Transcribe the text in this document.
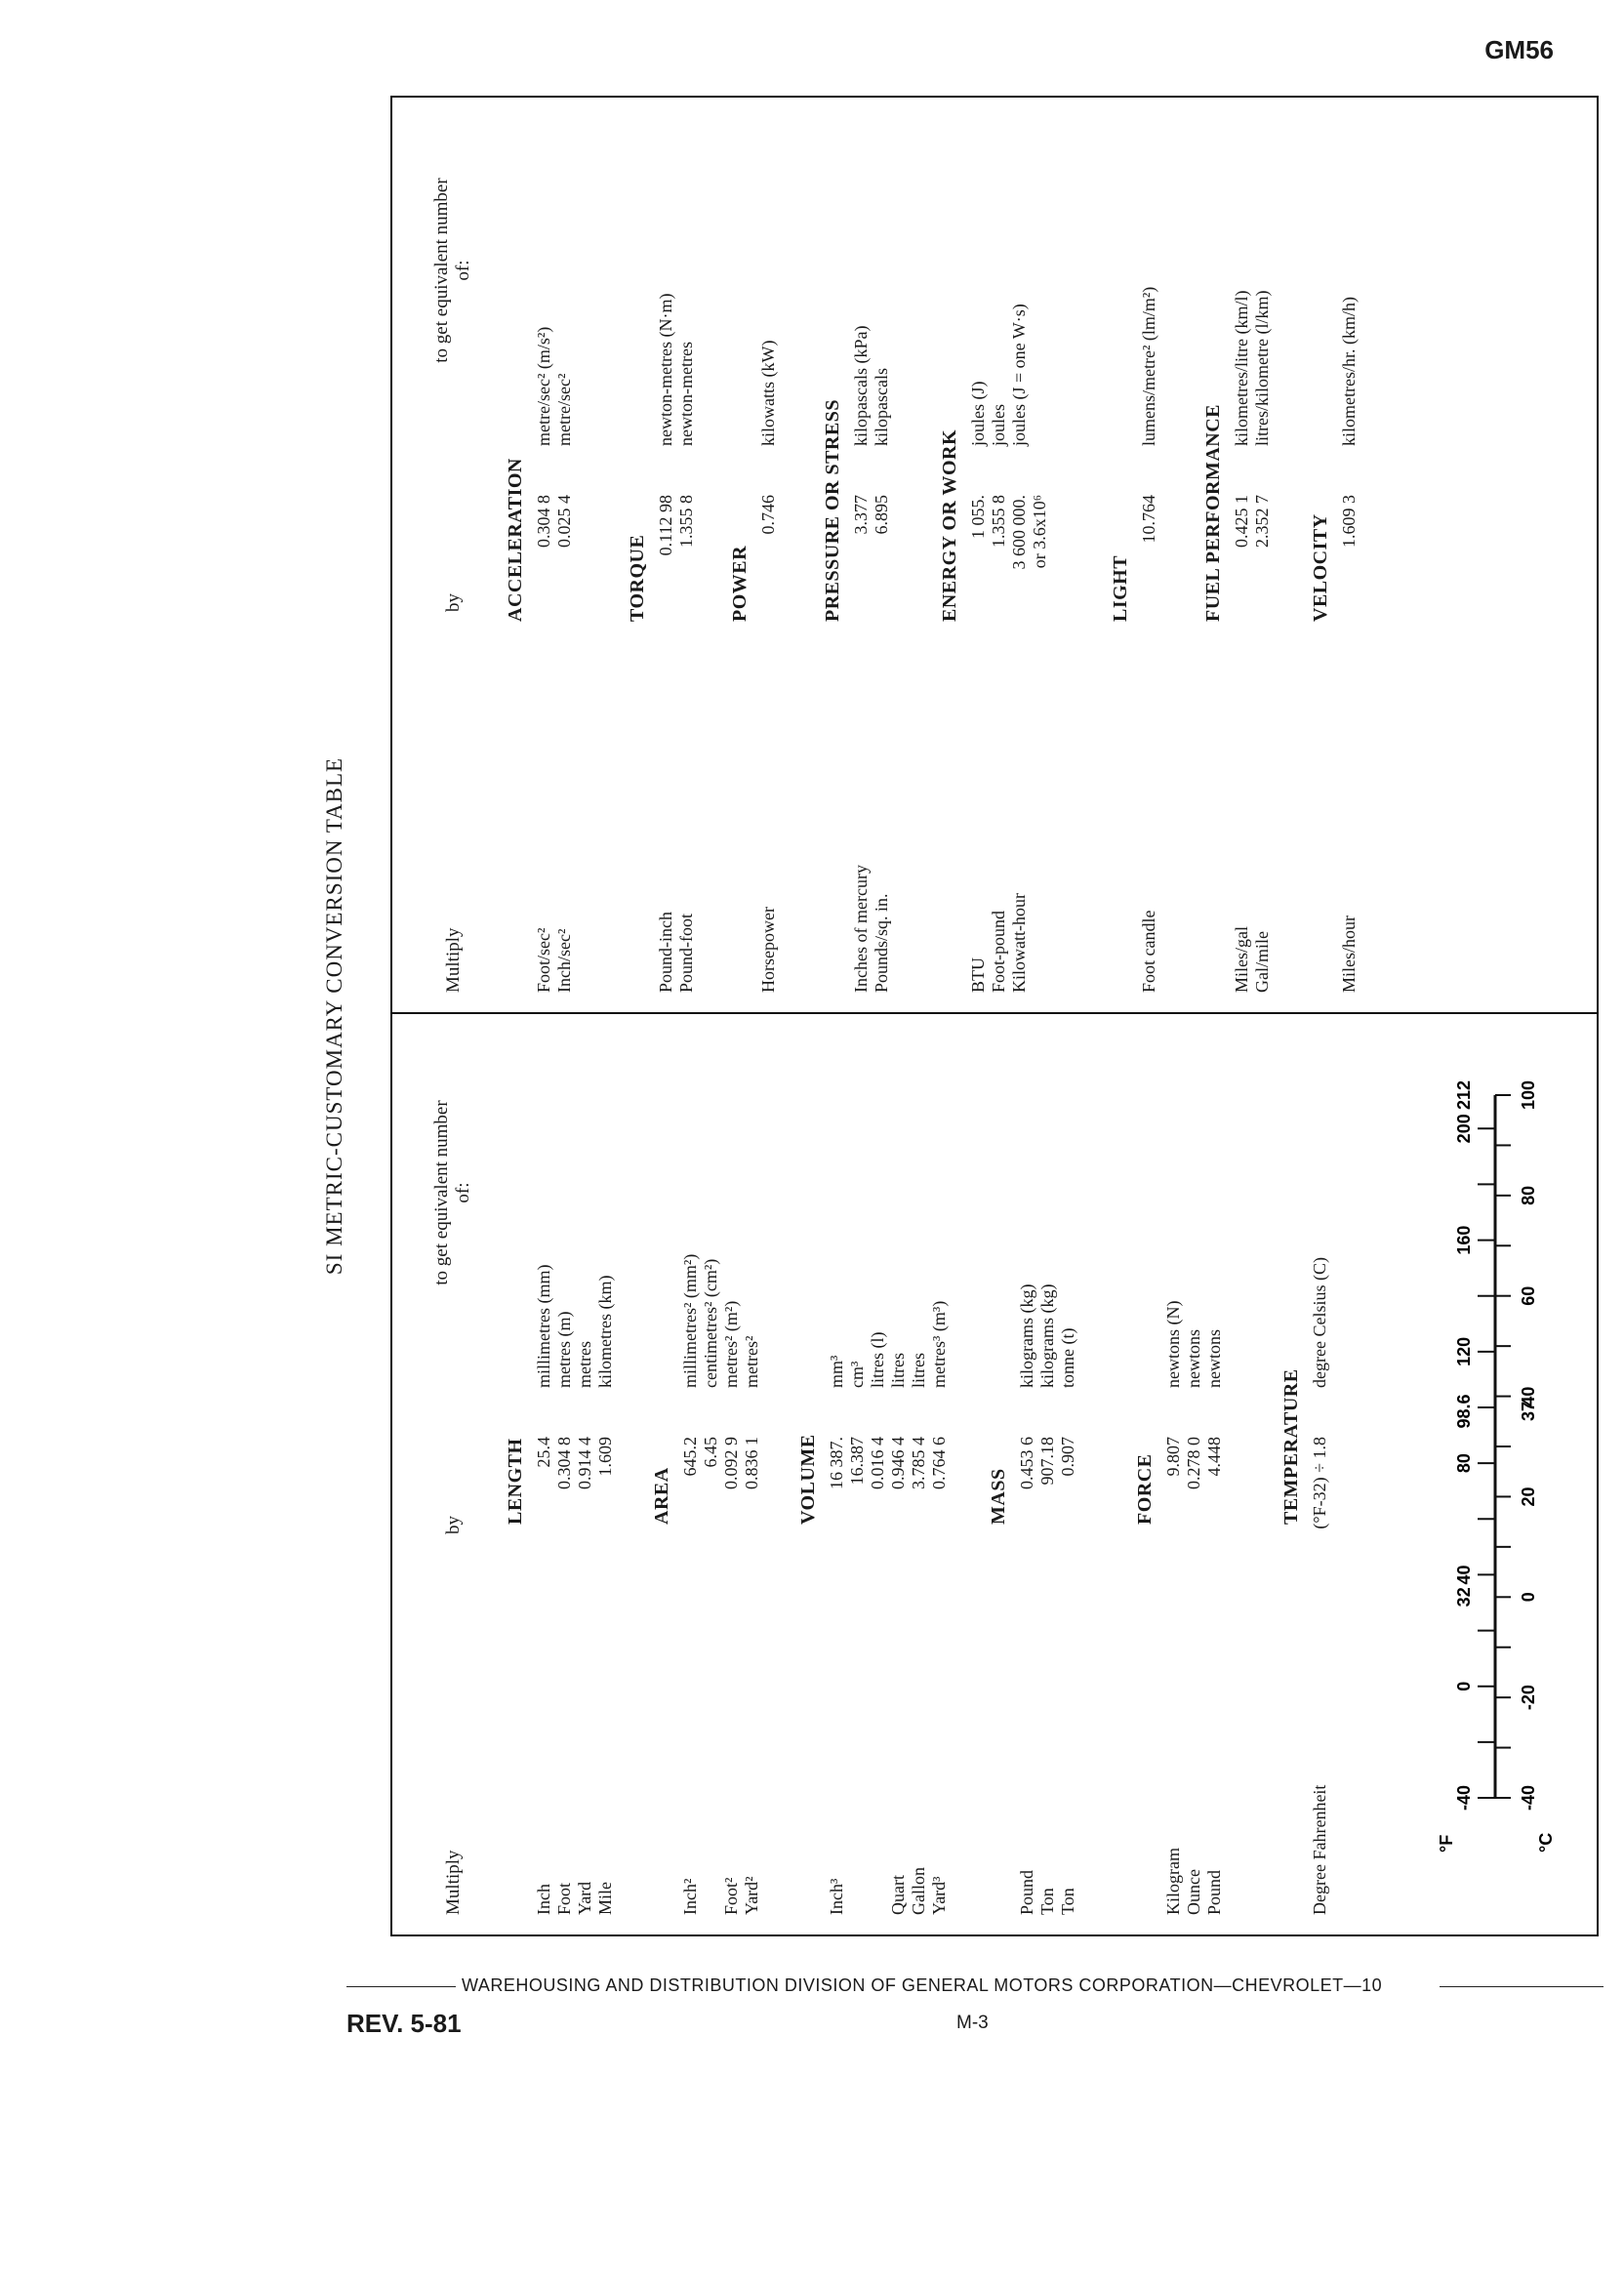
GM56
SI METRIC-CUSTOMARY CONVERSION TABLE
Multiply
by
to get equivalent number of:
LENGTH
Inch
25.4
millimetres (mm)
Foot
0.304 8
metres (m)
Yard
0.914 4
metres
Mile
1.609
kilometres (km)
AREA
Inch²
645.2
millimetres² (mm²)
6.45
centimetres² (cm²)
Foot²
0.092 9
metres² (m²)
Yard²
0.836 1
metres²
VOLUME
Inch³
16 387.
mm³
16.387
cm³
0.016 4
litres (l)
Quart
0.946 4
litres
Gallon
3.785 4
litres
Yard³
0.764 6
metres³ (m³)
MASS
Pound
0.453 6
kilograms (kg)
Ton
907.18
kilograms (kg)
Ton
0.907
tonne (t)
FORCE
Kilogram
9.807
newtons (N)
Ounce
0.278 0
newtons
Pound
4.448
newtons
TEMPERATURE
Degree Fahrenheit
(°F-32) ÷ 1.8
degree Celsius (C)
Multiply
by
to get equivalent number of:
ACCELERATION
Foot/sec²
0.304 8
metre/sec² (m/s²)
Inch/sec²
0.025 4
metre/sec²
TORQUE
Pound-inch
0.112 98
newton-metres (N·m)
Pound-foot
1.355 8
newton-metres
POWER
Horsepower
0.746
kilowatts (kW)
PRESSURE OR STRESS
Inches of mercury
3.377
kilopascals (kPa)
Pounds/sq. in.
6.895
kilopascals
ENERGY OR WORK
BTU
1 055.
joules (J)
Foot-pound
1.355 8
joules
Kilowatt-hour
3 600 000.
joules (J = one W·s)
or 3.6x10⁶
LIGHT
Foot candle
10.764
lumens/metre² (lm/m²)
FUEL PERFORMANCE
Miles/gal
0.425 1
kilometres/litre (km/l)
Gal/mile
2.352 7
litres/kilometre (l/km)
VELOCITY
Miles/hour
1.609 3
kilometres/hr. (km/h)
°F	°C
-40
0
32
40
80
98.6
120
160
200
212
-40
-20
0
20
37
40
60
80
100
WAREHOUSING AND DISTRIBUTION DIVISION OF GENERAL MOTORS CORPORATION—CHEVROLET—10
REV. 5-81	M-3
